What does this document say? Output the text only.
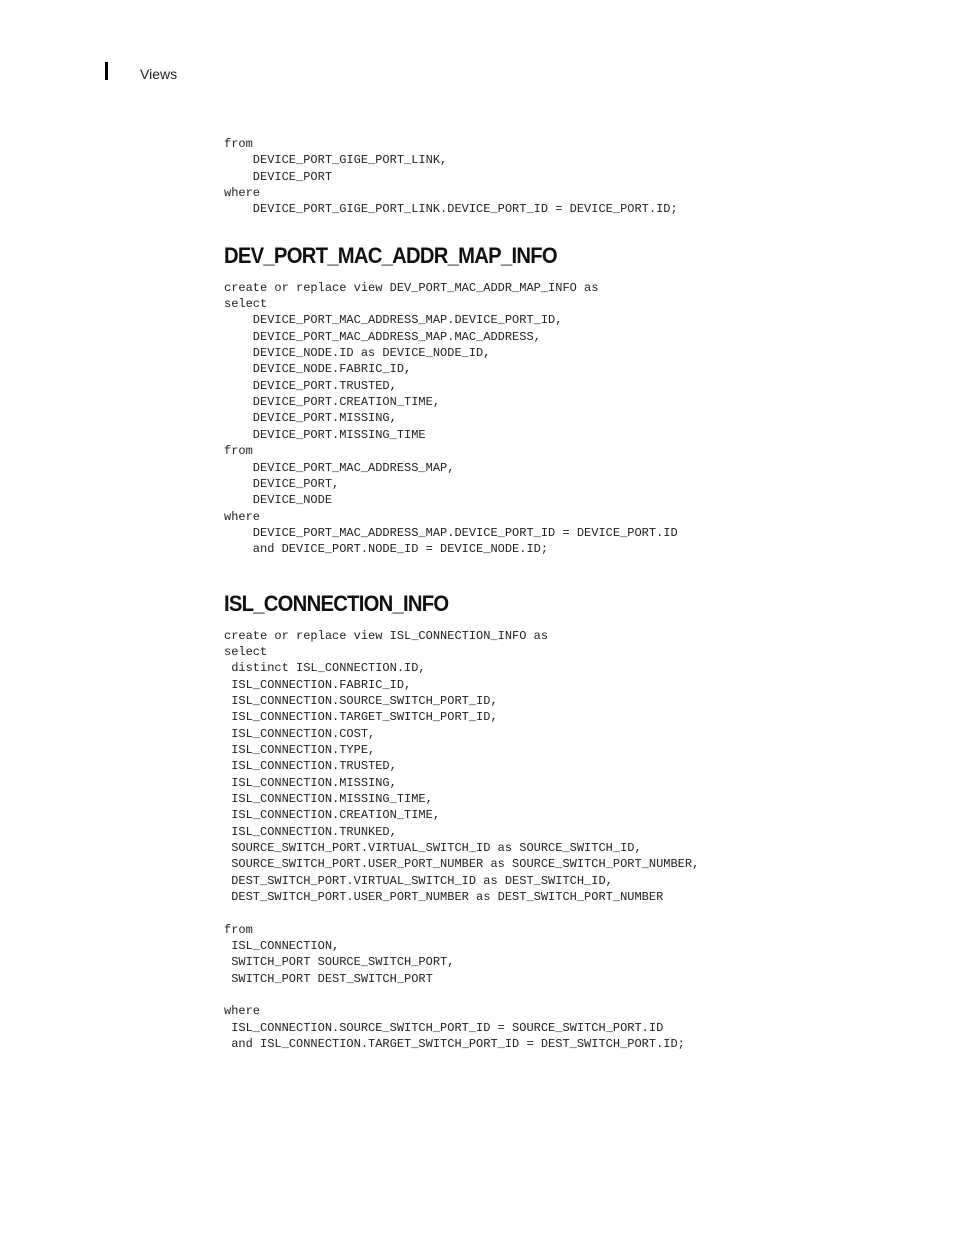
Views
from
DEVICE_PORT_GIGE_PORT_LINK,
DEVICE_PORT
where
DEVICE_PORT_GIGE_PORT_LINK.DEVICE_PORT_ID = DEVICE_PORT.ID;
DEV_PORT_MAC_ADDR_MAP_INFO
create or replace view DEV_PORT_MAC_ADDR_MAP_INFO as
select
DEVICE_PORT_MAC_ADDRESS_MAP.DEVICE_PORT_ID,
DEVICE_PORT_MAC_ADDRESS_MAP.MAC_ADDRESS,
DEVICE_NODE.ID as DEVICE_NODE_ID,
DEVICE_NODE.FABRIC_ID,
DEVICE_PORT.TRUSTED,
DEVICE_PORT.CREATION_TIME,
DEVICE_PORT.MISSING,
DEVICE_PORT.MISSING_TIME
from
DEVICE_PORT_MAC_ADDRESS_MAP,
DEVICE_PORT,
DEVICE_NODE
where
DEVICE_PORT_MAC_ADDRESS_MAP.DEVICE_PORT_ID = DEVICE_PORT.ID
and DEVICE_PORT.NODE_ID = DEVICE_NODE.ID;
ISL_CONNECTION_INFO
create or replace view ISL_CONNECTION_INFO as
select
distinct ISL_CONNECTION.ID,
ISL_CONNECTION.FABRIC_ID,
ISL_CONNECTION.SOURCE_SWITCH_PORT_ID,
ISL_CONNECTION.TARGET_SWITCH_PORT_ID,
ISL_CONNECTION.COST,
ISL_CONNECTION.TYPE,
ISL_CONNECTION.TRUSTED,
ISL_CONNECTION.MISSING,
ISL_CONNECTION.MISSING_TIME,
ISL_CONNECTION.CREATION_TIME,
ISL_CONNECTION.TRUNKED,
SOURCE_SWITCH_PORT.VIRTUAL_SWITCH_ID as SOURCE_SWITCH_ID,
SOURCE_SWITCH_PORT.USER_PORT_NUMBER as SOURCE_SWITCH_PORT_NUMBER,
DEST_SWITCH_PORT.VIRTUAL_SWITCH_ID as DEST_SWITCH_ID,
DEST_SWITCH_PORT.USER_PORT_NUMBER as DEST_SWITCH_PORT_NUMBER

from
ISL_CONNECTION,
SWITCH_PORT SOURCE_SWITCH_PORT,
SWITCH_PORT DEST_SWITCH_PORT

where
ISL_CONNECTION.SOURCE_SWITCH_PORT_ID = SOURCE_SWITCH_PORT.ID
and ISL_CONNECTION.TARGET_SWITCH_PORT_ID = DEST_SWITCH_PORT.ID;
